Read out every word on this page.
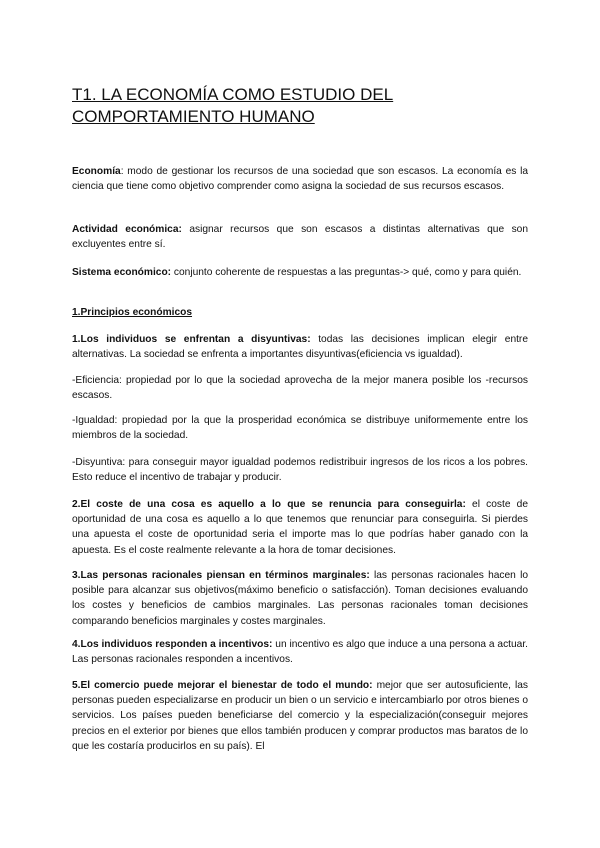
T1. LA ECONOMÍA COMO ESTUDIO DEL COMPORTAMIENTO HUMANO

Economía: modo de gestionar los recursos de una sociedad que son escasos. La economía es la ciencia que tiene como objetivo comprender como asigna la sociedad de sus recursos escasos.

Actividad económica: asignar recursos que son escasos a distintas alternativas que son excluyentes entre sí.

Sistema económico: conjunto coherente de respuestas a las preguntas-> qué, como y para quién.

1.Principios económicos

1.Los individuos se enfrentan a disyuntivas: todas las decisiones implican elegir entre alternativas. La sociedad se enfrenta a importantes disyuntivas(eficiencia vs igualdad).

-Eficiencia: propiedad por lo que la sociedad aprovecha de la mejor manera posible los -recursos escasos.

-Igualdad: propiedad por la que la prosperidad económica se distribuye uniformemente entre los miembros de la sociedad.

-Disyuntiva: para conseguir mayor igualdad podemos redistribuir ingresos de los ricos a los pobres. Esto reduce el incentivo de trabajar y producir.

2.El coste de una cosa es aquello a lo que se renuncia para conseguirla: el coste de oportunidad de una cosa es aquello a lo que tenemos que renunciar para conseguirla. Si pierdes una apuesta el coste de oportunidad seria el importe mas lo que podrías haber ganado con la apuesta. Es el coste realmente relevante a la hora de tomar decisiones.

3.Las personas racionales piensan en términos marginales: las personas racionales hacen lo posible para alcanzar sus objetivos(máximo beneficio o satisfacción). Toman decisiones evaluando los costes y beneficios de cambios marginales. Las personas racionales toman decisiones comparando beneficios marginales y costes marginales.

4.Los individuos responden a incentivos: un incentivo es algo que induce a una persona a actuar. Las personas racionales responden a incentivos.

5.El comercio puede mejorar el bienestar de todo el mundo: mejor que ser autosuficiente, las personas pueden especializarse en producir un bien o un servicio e intercambiarlo por otros bienes o servicios. Los países pueden beneficiarse del comercio y la especialización(conseguir mejores precios en el exterior por bienes que ellos también producen y comprar productos mas baratos de lo que les costaría producirlos en su país). El
